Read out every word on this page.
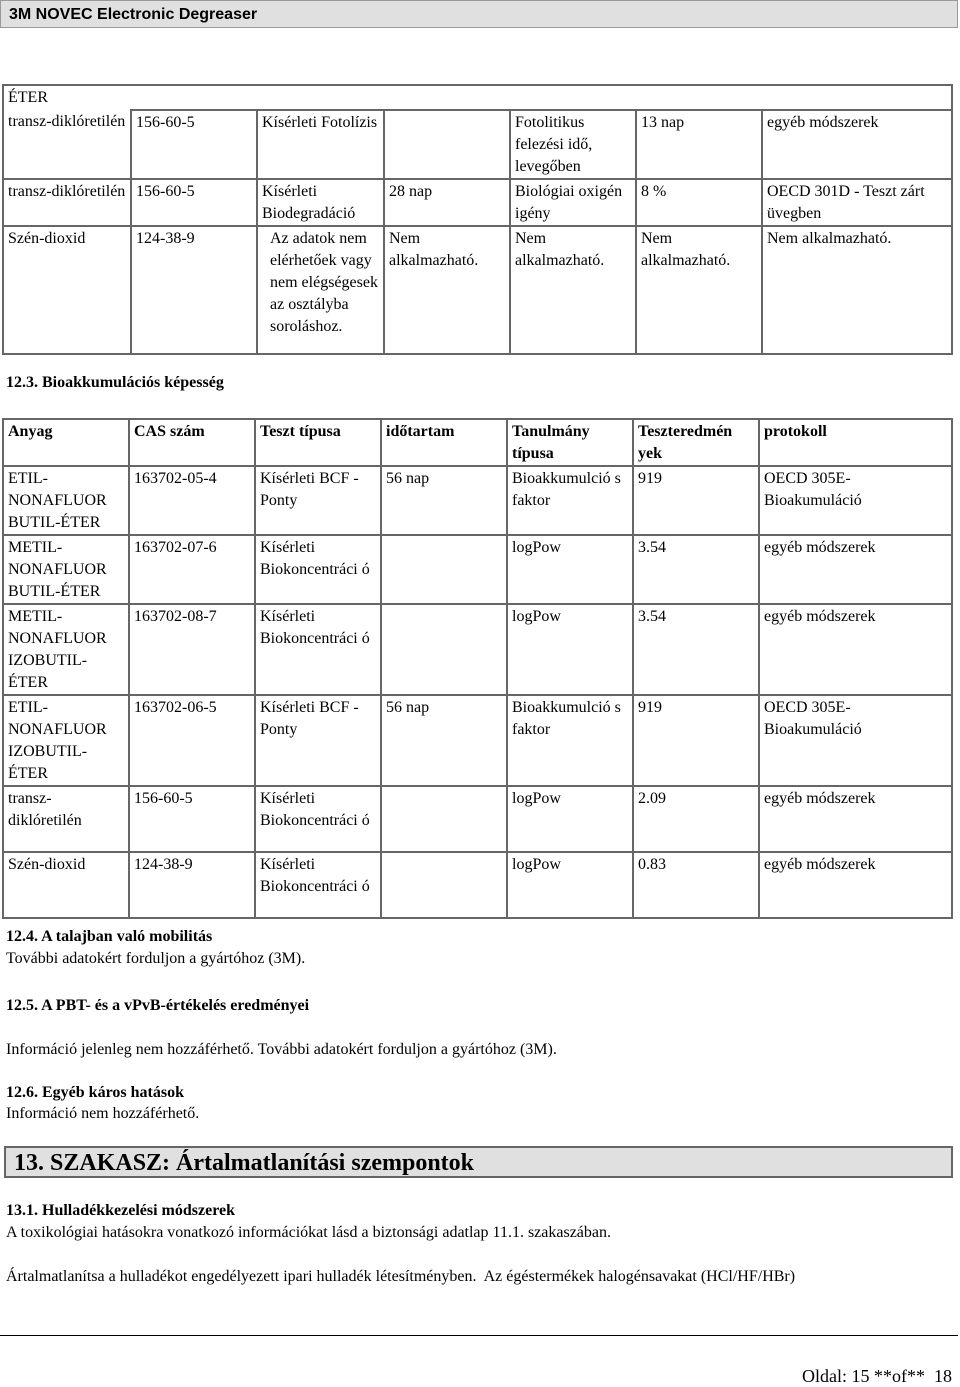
3M NOVEC Electronic Degreaser
ÉTER						
transz-diklóretilén	156-60-5	Kísérleti Fotolízis		Fotolitikus felezési idő, levegőben	13 nap	egyéb módszerek
transz-diklóretilén	156-60-5	Kísérleti Biodegradáció	28 nap	Biológiai oxigén igény	8 %	OECD 301D - Teszt zárt üvegben
Szén-dioxid	124-38-9	Az adatok nem elérhetőek vagy nem elégségesek az osztályba soroláshoz.	Nem alkalmazható.	Nem alkalmazható.	Nem alkalmazható.	Nem alkalmazható.
12.3. Bioakkumulációs képesség
Anyag	CAS szám	Teszt típusa	időtartam	Tanulmány típusa	Teszteredmén yek	protokoll
ETIL-NONAFLUOR BUTIL-ÉTER	163702-05-4	Kísérleti BCF - Ponty	56 nap	Bioakkumulció s faktor	919	OECD 305E-Bioakumuláció
METIL-NONAFLUOR BUTIL-ÉTER	163702-07-6	Kísérleti Biokoncentráci ó		logPow	3.54	egyéb módszerek
METIL-NONAFLUOR IZOBUTIL-ÉTER	163702-08-7	Kísérleti Biokoncentráci ó		logPow	3.54	egyéb módszerek
ETIL-NONAFLUOR IZOBUTIL-ÉTER	163702-06-5	Kísérleti BCF - Ponty	56 nap	Bioakkumulció s faktor	919	OECD 305E-Bioakumuláció
transz-diklóretilén	156-60-5	Kísérleti Biokoncentráci ó		logPow	2.09	egyéb módszerek
Szén-dioxid	124-38-9	Kísérleti Biokoncentráci ó		logPow	0.83	egyéb módszerek
12.4. A talajban való mobilitás
További adatokért forduljon a gyártóhoz (3M).
12.5. A PBT- és a vPvB-értékelés eredményei
Információ jelenleg nem hozzáférhető. További adatokért forduljon a gyártóhoz (3M).
12.6. Egyéb káros hatások
Információ nem hozzáférhető.
13. SZAKASZ: Ártalmatlanítási szempontok
13.1. Hulladékkezelési módszerek
A toxikológiai hatásokra vonatkozó információkat lásd a biztonsági adatlap 11.1. szakaszában.
Ártalmatlanítsa a hulladékot engedélyezett ipari hulladék létesítményben.  Az égéstermékek halogénsavakat (HCl/HF/HBr)
Oldal: 15 **of**  18
